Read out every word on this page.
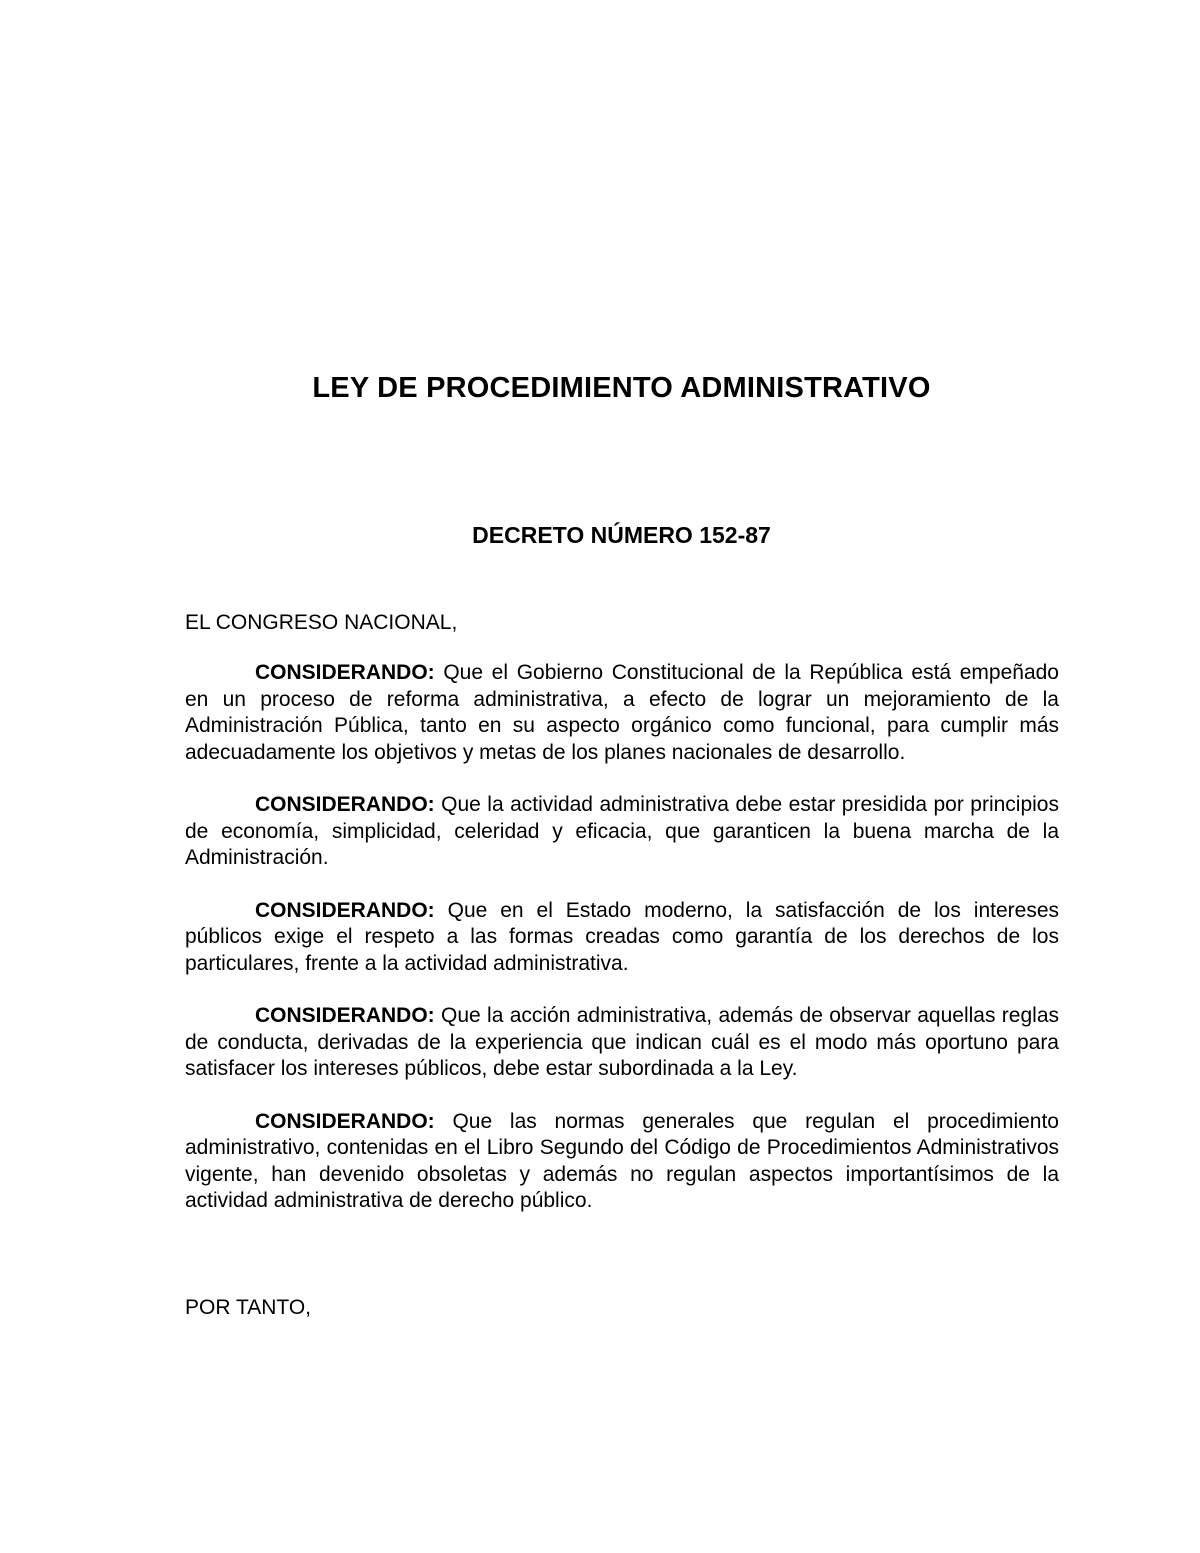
LEY DE PROCEDIMIENTO ADMINISTRATIVO
DECRETO NÚMERO 152-87

EL CONGRESO NACIONAL,

CONSIDERANDO: Que el Gobierno Constitucional de la República está empeñado en un proceso de reforma administrativa, a efecto de lograr un mejoramiento de la Administración Pública, tanto en su aspecto orgánico como funcional, para cumplir más adecuadamente los objetivos y metas de los planes nacionales de desarrollo.

CONSIDERANDO: Que la actividad administrativa debe estar presidida por principios de economía, simplicidad, celeridad y eficacia, que garanticen la buena marcha de la Administración.

CONSIDERANDO: Que en el Estado moderno, la satisfacción de los intereses públicos exige el respeto a las formas creadas como garantía de los derechos de los particulares, frente a la actividad administrativa.

CONSIDERANDO: Que la acción administrativa, además de observar aquellas reglas de conducta, derivadas de la experiencia que indican cuál es el modo más oportuno para satisfacer los intereses públicos, debe estar subordinada a la Ley.

CONSIDERANDO: Que las normas generales que regulan el procedimiento administrativo, contenidas en el Libro Segundo del Código de Procedimientos Administrativos vigente, han devenido obsoletas y además no regulan aspectos importantísimos de la actividad administrativa de derecho público.

POR TANTO,
